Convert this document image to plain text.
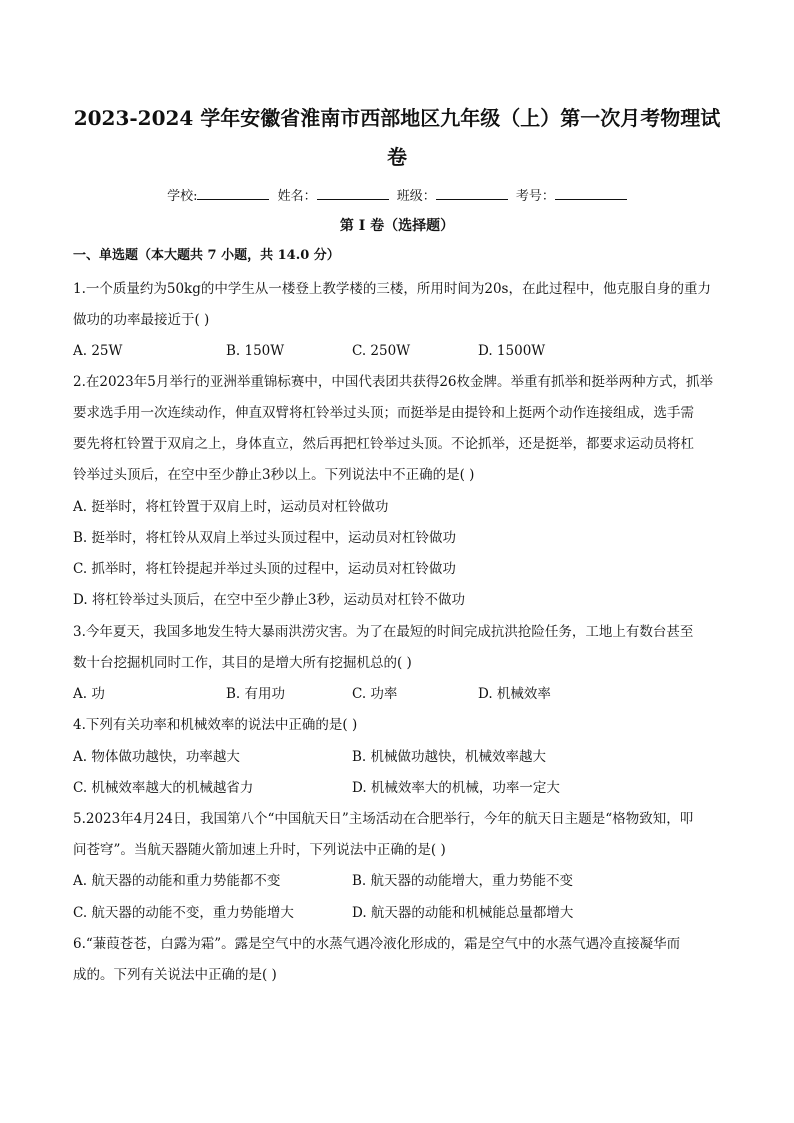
2023-2024 学年安徽省淮南市西部地区九年级（上）第一次月考物理试
卷
学校:	姓名：	班级：	考号：
第 I 卷（选择题）
一、单选题（本大题共 7 小题，共 14.0 分）
1.一个质量约为50kg的中学生从一楼登上教学楼的三楼，所用时间为20s，在此过程中，他克服自身的重力
做功的功率最接近于( )
A. 25W	B. 150W	C. 250W	D. 1500W
2.在2023年5月举行的亚洲举重锦标赛中，中国代表团共获得26枚金牌。举重有抓举和挺举两种方式，抓举
要求选手用一次连续动作，伸直双臂将杠铃举过头顶；而挺举是由提铃和上挺两个动作连接组成，选手需
要先将杠铃置于双肩之上，身体直立，然后再把杠铃举过头顶。不论抓举，还是挺举，都要求运动员将杠
铃举过头顶后，在空中至少静止3秒以上。下列说法中不正确的是( )
A. 挺举时，将杠铃置于双肩上时，运动员对杠铃做功
B. 挺举时，将杠铃从双肩上举过头顶过程中，运动员对杠铃做功
C. 抓举时，将杠铃提起并举过头顶的过程中，运动员对杠铃做功
D. 将杠铃举过头顶后，在空中至少静止3秒，运动员对杠铃不做功
3.今年夏天，我国多地发生特大暴雨洪涝灾害。为了在最短的时间完成抗洪抢险任务，工地上有数台甚至
数十台挖掘机同时工作，其目的是增大所有挖掘机总的( )
A. 功	B. 有用功	C. 功率	D. 机械效率
4.下列有关功率和机械效率的说法中正确的是( )
A. 物体做功越快，功率越大	B. 机械做功越快，机械效率越大
C. 机械效率越大的机械越省力	D. 机械效率大的机械，功率一定大
5.2023年4月24日，我国第八个“中国航天日”主场活动在合肥举行，今年的航天日主题是“格物致知，叩
问苍穹”。当航天器随火箭加速上升时，下列说法中正确的是( )
A. 航天器的动能和重力势能都不变	B. 航天器的动能增大，重力势能不变
C. 航天器的动能不变，重力势能增大	D. 航天器的动能和机械能总量都增大
6.“蒹葭苍苍，白露为霜”。露是空气中的水蒸气遇冷液化形成的，霜是空气中的水蒸气遇冷直接凝华而
成的。下列有关说法中正确的是( )
